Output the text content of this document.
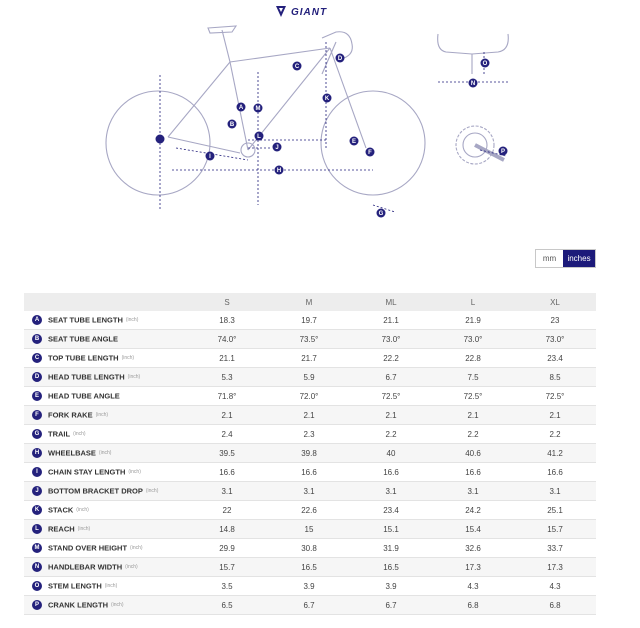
GIANT
A
B
C
D
E
F
G
H
I
J
K
L
M
N
O
P
mm	inches
	S	M	ML	L	XL
A SEAT TUBE LENGTH (inch)	18.3	19.7	21.1	21.9	23
B SEAT TUBE ANGLE	74.0°	73.5°	73.0°	73.0°	73.0°
C TOP TUBE LENGTH (inch)	21.1	21.7	22.2	22.8	23.4
D HEAD TUBE LENGTH (inch)	5.3	5.9	6.7	7.5	8.5
E HEAD TUBE ANGLE	71.8°	72.0°	72.5°	72.5°	72.5°
F FORK RAKE (inch)	2.1	2.1	2.1	2.1	2.1
G TRAIL (inch)	2.4	2.3	2.2	2.2	2.2
H WHEELBASE (inch)	39.5	39.8	40	40.6	41.2
I CHAIN STAY LENGTH (inch)	16.6	16.6	16.6	16.6	16.6
J BOTTOM BRACKET DROP (inch)	3.1	3.1	3.1	3.1	3.1
K STACK (inch)	22	22.6	23.4	24.2	25.1
L REACH (inch)	14.8	15	15.1	15.4	15.7
M STAND OVER HEIGHT (inch)	29.9	30.8	31.9	32.6	33.7
N HANDLEBAR WIDTH (inch)	15.7	16.5	16.5	17.3	17.3
O STEM LENGTH (inch)	3.5	3.9	3.9	4.3	4.3
P CRANK LENGTH (inch)	6.5	6.7	6.7	6.8	6.8
